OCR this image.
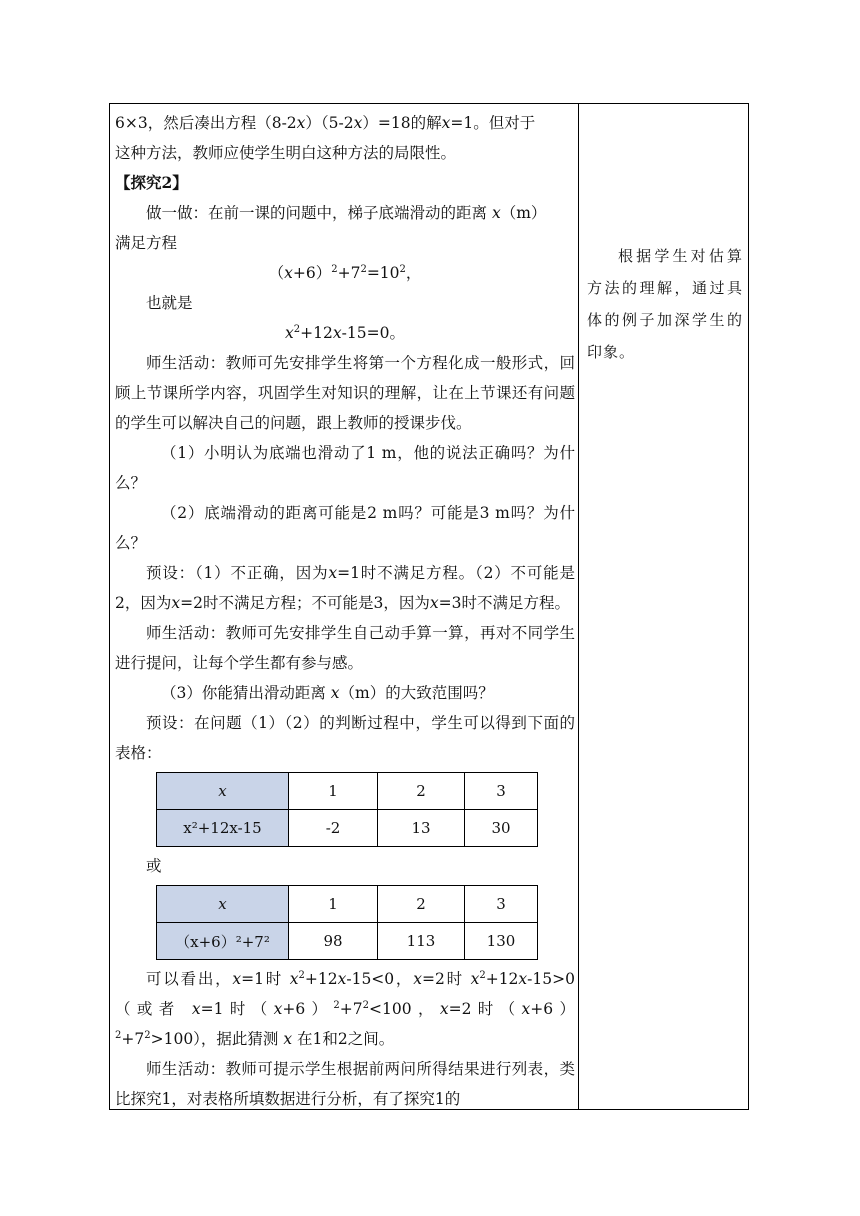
6×3，然后凑出方程（8-2x）（5-2x）=18的解x=1。但对于

这种方法，教师应使学生明白这种方法的局限性。

【探究2】

做一做：在前一课的问题中，梯子底端滑动的距离 x（m）

满足方程

$(x+6)^2+7^2=10^2$，

也就是

$x^2+12x-15=0$。

师生活动：教师可先安排学生将第一个方程化成一般形式，回顾上节课所学内容，巩固学生对知识的理解，让在上节课还有问题的学生可以解决自己的问题，跟上教师的授课步伐。

（1）小明认为底端也滑动了1 m，他的说法正确吗？为什么？

（2）底端滑动的距离可能是2 m吗？可能是3 m吗？为什么？

预设：（1）不正确，因为x=1时不满足方程。（2）不可能是2，因为x=2时不满足方程；不可能是3，因为x=3时不满足方程。

师生活动：教师可先安排学生自己动手算一算，再对不同学生进行提问，让每个学生都有参与感。

（3）你能猜出滑动距离 x（m）的大致范围吗？

预设：在问题（1）（2）的判断过程中，学生可以得到下面的表格：

x	1	2	3
x²+12x-15	-2	13	30

或

x	1	2	3
（x+6）²+7²	98	113	130

可以看出，x=1时 $x^2+12x-15<0$，x=2时 $x^2+12x-15>0$（或者 x=1时$(x+6)^2+7^2<100$，x=2时$(x+6)^2+7^2>100$），据此猜测 x 在1和2之间。

师生活动：教师可提示学生根据前两问所得结果进行列表，类比探究1，对表格所填数据进行分析，有了探究1的

根据学生对估算方法的理解，通过具体的例子加深学生的印象。
